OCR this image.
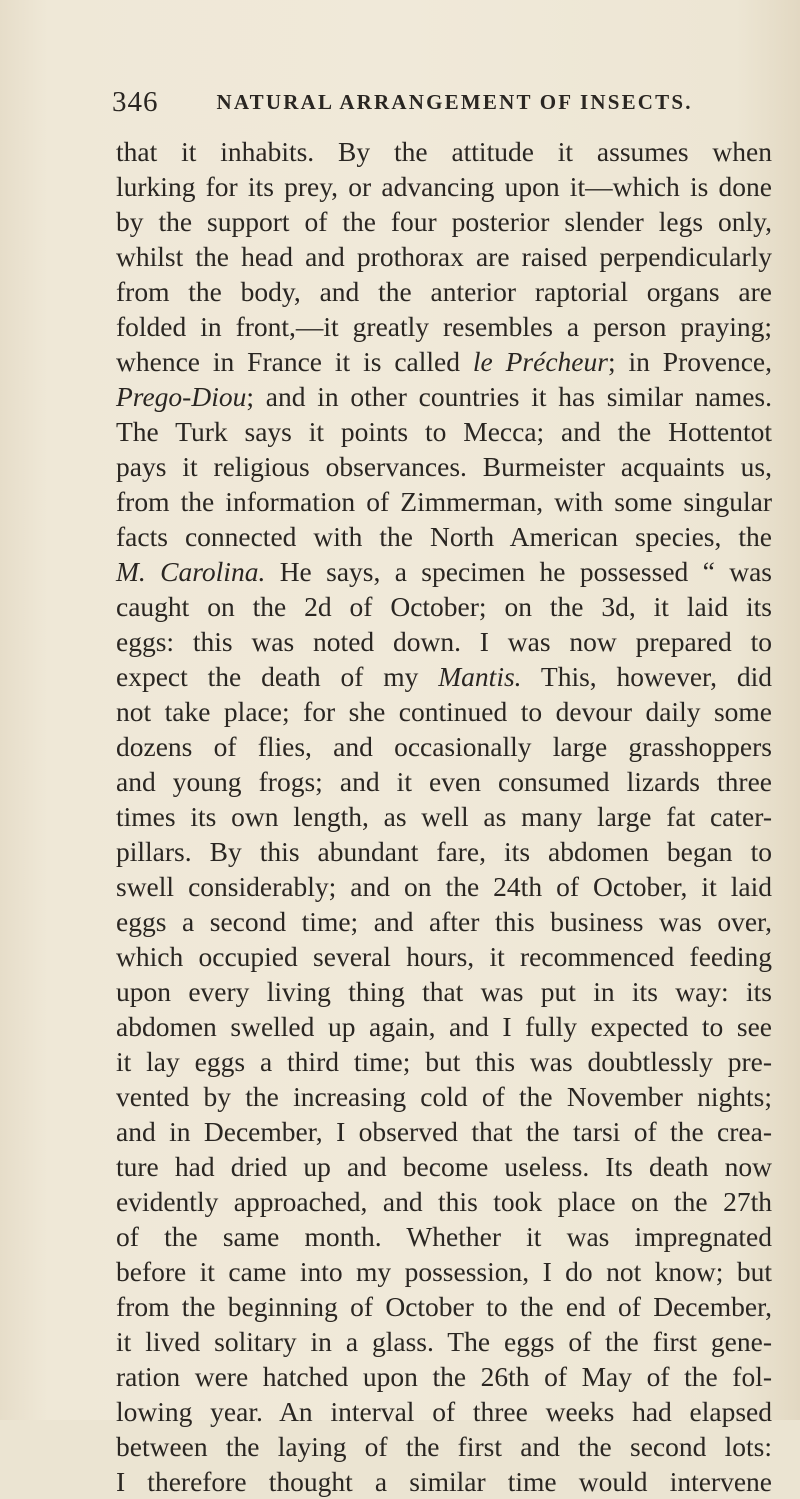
346	NATURAL ARRANGEMENT OF INSECTS.
that it inhabits. By the attitude it assumes when
lurking for its prey, or advancing upon it—which is done
by the support of the four posterior slender legs only,
whilst the head and prothorax are raised perpendicularly
from the body, and the anterior raptorial organs are
folded in front,—it greatly resembles a person praying;
whence in France it is called le Précheur; in Provence,
Prego-Diou; and in other countries it has similar names.
The Turk says it points to Mecca; and the Hottentot
pays it religious observances. Burmeister acquaints us,
from the information of Zimmerman, with some singular
facts connected with the North American species, the
M. Carolina. He says, a specimen he possessed “ was
caught on the 2d of October; on the 3d, it laid its
eggs: this was noted down. I was now prepared to
expect the death of my Mantis. This, however, did
not take place; for she continued to devour daily some
dozens of flies, and occasionally large grasshoppers
and young frogs; and it even consumed lizards three
times its own length, as well as many large fat cater-
pillars. By this abundant fare, its abdomen began to
swell considerably; and on the 24th of October, it laid
eggs a second time; and after this business was over,
which occupied several hours, it recommenced feeding
upon every living thing that was put in its way: its
abdomen swelled up again, and I fully expected to see
it lay eggs a third time; but this was doubtlessly pre-
vented by the increasing cold of the November nights;
and in December, I observed that the tarsi of the crea-
ture had dried up and become useless. Its death now
evidently approached, and this took place on the 27th
of the same month. Whether it was impregnated
before it came into my possession, I do not know; but
from the beginning of October to the end of December,
it lived solitary in a glass. The eggs of the first gene-
ration were hatched upon the 26th of May of the fol-
lowing year. An interval of three weeks had elapsed
between the laying of the first and the second lots:
I therefore thought a similar time would intervene
